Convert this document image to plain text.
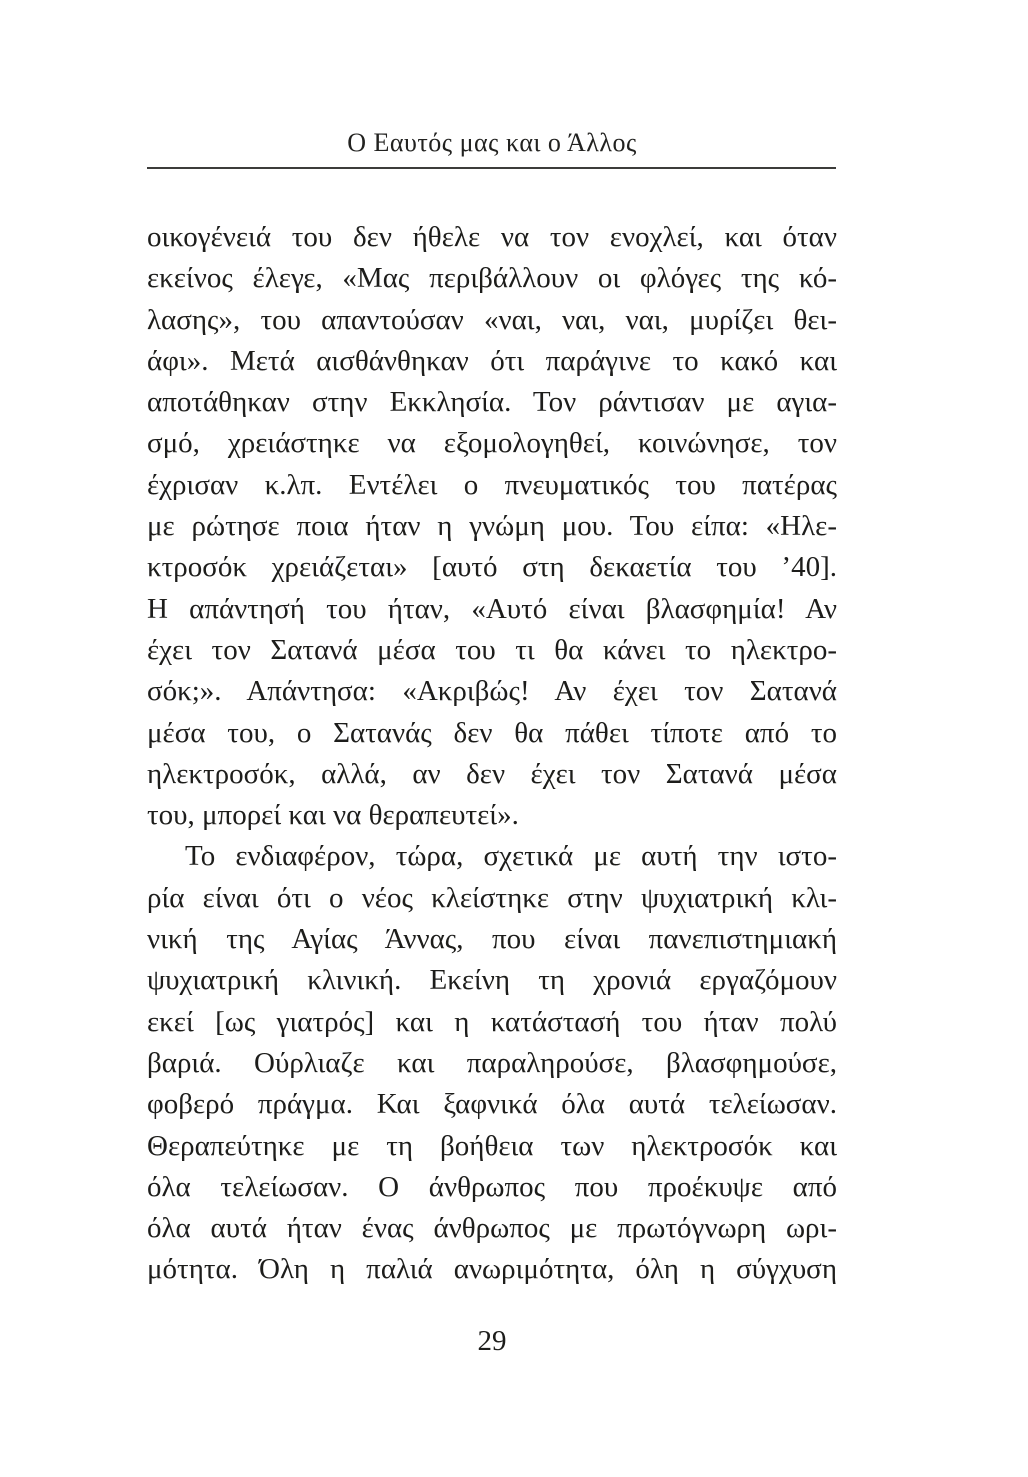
Ο Εαυτός μας και ο Άλλος
οικογένειά του δεν ήθελε να τον ενοχλεί, και όταν
εκείνος έλεγε, «Μας περιβάλλουν οι φλόγες της κό-
λασης», του απαντούσαν «ναι, ναι, ναι, μυρίζει θει-
άφι». Μετά αισθάνθηκαν ότι παράγινε το κακό και
αποτάθηκαν στην Εκκλησία. Τον ράντισαν με αγια-
σμό, χρειάστηκε να εξομολογηθεί, κοινώνησε, τον
έχρισαν κ.λπ. Εντέλει ο πνευματικός του πατέρας
με ρώτησε ποια ήταν η γνώμη μου. Του είπα: «Ηλε-
κτροσόκ χρειάζεται» [αυτό στη δεκαετία του ’40].
Η απάντησή του ήταν, «Αυτό είναι βλασφημία! Αν
έχει τον Σατανά μέσα του τι θα κάνει το ηλεκτρο-
σόκ;». Απάντησα: «Ακριβώς! Αν έχει τον Σατανά
μέσα του, ο Σατανάς δεν θα πάθει τίποτε από το
ηλεκτροσόκ, αλλά, αν δεν έχει τον Σατανά μέσα
του, μπορεί και να θεραπευτεί».
Το ενδιαφέρον, τώρα, σχετικά με αυτή την ιστο-
ρία είναι ότι ο νέος κλείστηκε στην ψυχιατρική κλι-
νική της Αγίας Άννας, που είναι πανεπιστημιακή
ψυχιατρική κλινική. Εκείνη τη χρονιά εργαζόμουν
εκεί [ως γιατρός] και η κατάστασή του ήταν πολύ
βαριά. Ούρλιαζε και παραληρούσε, βλασφημούσε,
φοβερό πράγμα. Και ξαφνικά όλα αυτά τελείωσαν.
Θεραπεύτηκε με τη βοήθεια των ηλεκτροσόκ και
όλα τελείωσαν. Ο άνθρωπος που προέκυψε από
όλα αυτά ήταν ένας άνθρωπος με πρωτόγνωρη ωρι-
μότητα. Όλη η παλιά ανωριμότητα, όλη η σύγχυση
29
